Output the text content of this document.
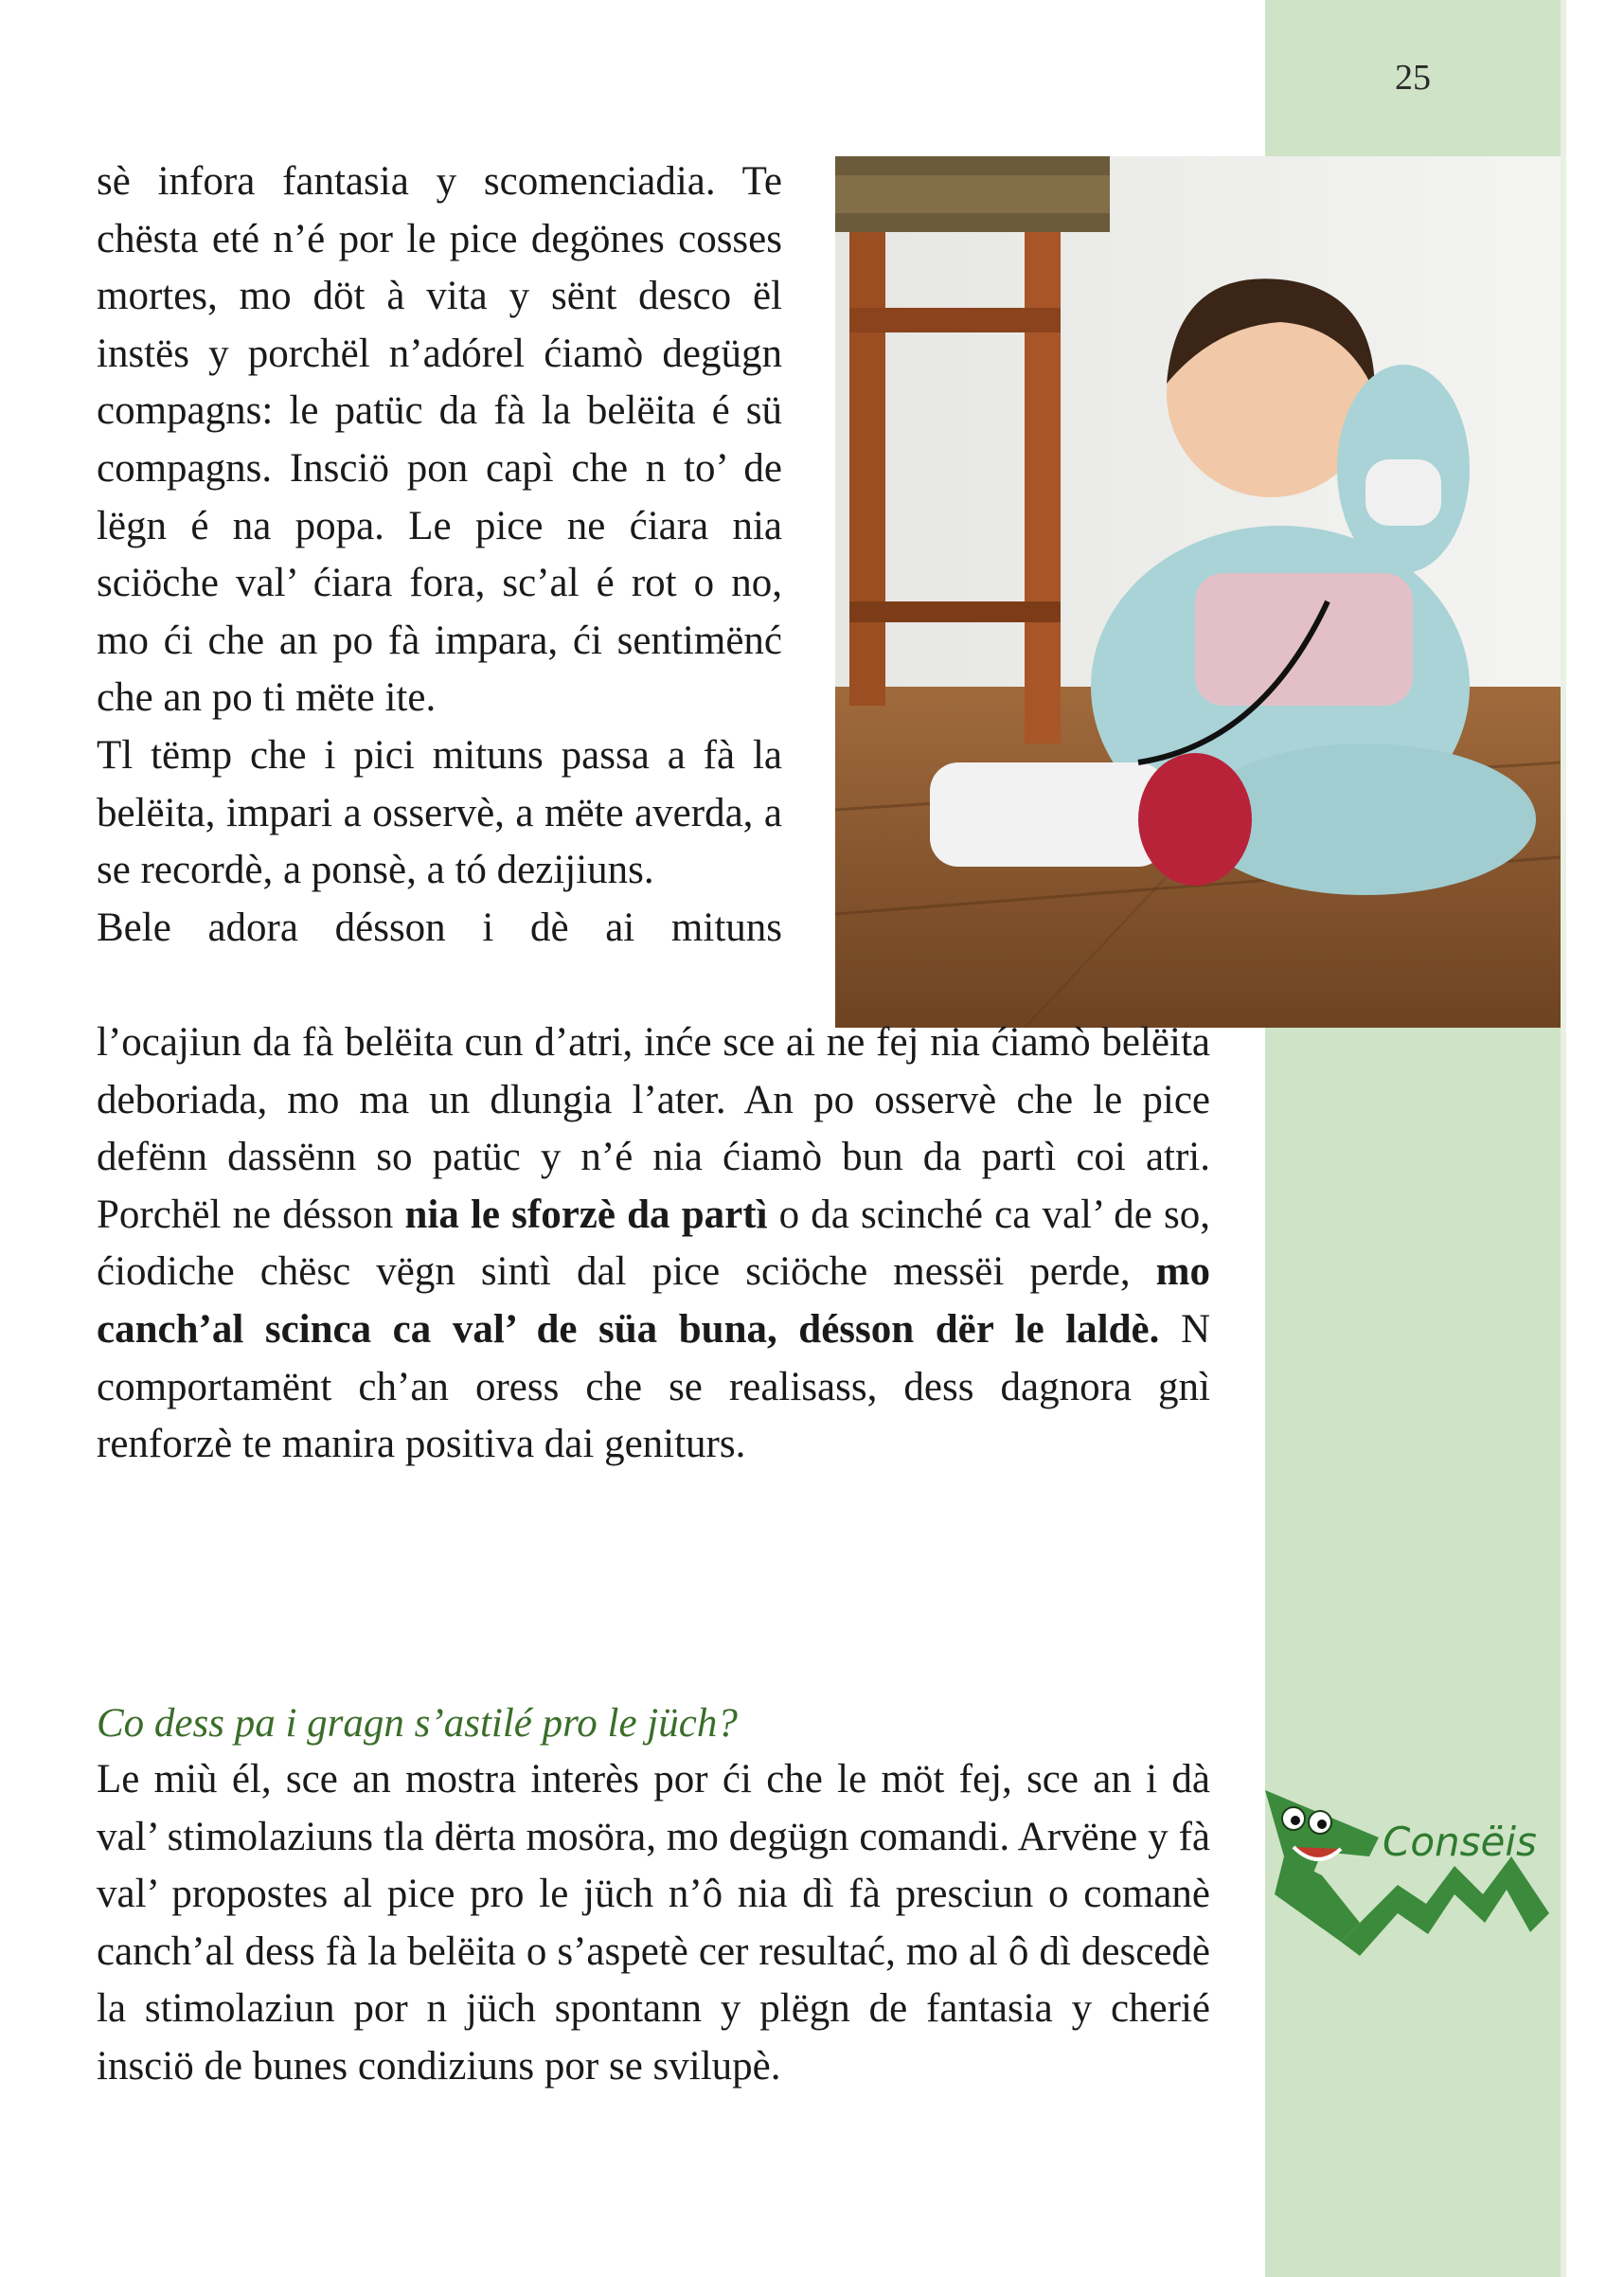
25

sè infora fantasia y scomenciadia. Te chësta eté n’é por le pice degönes cosses mortes, mo döt à vita y sënt desco ël instës y porchël n’adórel ćiamò degügn compagns: le patüc da fà la belëita é sü compagns. Insciö pon capì che n to’ de lëgn é na popa. Le pice ne ćiara nia sciöche val’ ćiara fora, sc’al é rot o no, mo ći che an po fà impara, ći sentimënć che an po ti mëte ite.

Tl tëmp che i pici mituns passa a fà la belëita, impari a osservè, a mëte averda, a se recordè, a ponsè, a tó dezijiuns.

Bele adora désson i dè ai mituns

l’ocajiun da fà belëita cun d’atri, inće sce ai ne fej nia ćiamò belëita deboriada, mo ma un dlungia l’ater. An po osservè che le pice defënn dassënn so patüc y n’é nia ćiamò bun da partì coi atri. Porchël ne désson nia le sforzè da partì o da scinché ca val’ de so, ćiodiche chësc vëgn sintì dal pice sciöche messëi perde, mo canch’al scinca ca val’ de süa buna, désson dër le laldè. N comportamënt ch’an oress che se realisass, dess dagnora gnì renforzè te manira positiva dai geniturs.

Co dess pa i gragn s’astilé pro le jüch?

Le miù él, sce an mostra interès por ći che le möt fej, sce an i dà val’ stimolaziuns tla dërta mosöra, mo degügn comandi. Arvëne y fà val’ propostes al pice pro le jüch n’ô nia dì fà presciun o comanè canch’al dess fà la belëita o s’aspetè cer resultać, mo al ô dì descedè la stimolaziun por n jüch spontann y plëgn de fantasia y cherié insciö de bunes condiziuns por se svilupè.

Consëis
